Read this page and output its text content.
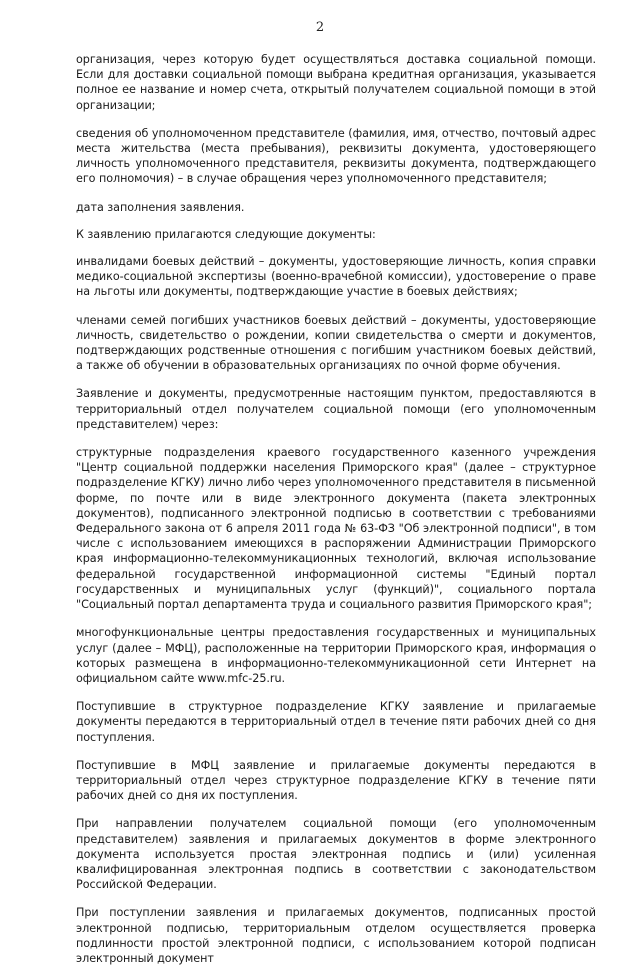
2

организация, через которую будет осуществляться доставка социальной помощи. Если для доставки социальной помощи выбрана кредитная организация, указывается полное ее название и номер счета, открытый получателем социальной помощи в этой организации;

сведения об уполномоченном представителе (фамилия, имя, отчество, почтовый адрес места жительства (места пребывания), реквизиты документа, удостоверяющего личность уполномоченного представителя, реквизиты документа, подтверждающего его полномочия) – в случае обращения через уполномоченного представителя;

дата заполнения заявления.

К заявлению прилагаются следующие документы:

инвалидами боевых действий – документы, удостоверяющие личность, копия справки медико-социальной экспертизы (военно-врачебной комиссии), удостоверение о праве на льготы или документы, подтверждающие участие в боевых действиях;

членами семей погибших участников боевых действий – документы, удостоверяющие личность, свидетельство о рождении, копии свидетельства о смерти и документов, подтверждающих родственные отношения с погибшим участником боевых действий, а также об обучении в образовательных организациях по очной форме обучения.

Заявление и документы, предусмотренные настоящим пунктом, предоставляются в территориальный отдел получателем социальной помощи (его уполномоченным представителем) через:

структурные подразделения краевого государственного казенного учреждения "Центр социальной поддержки населения Приморского края" (далее – структурное подразделение КГКУ) лично либо через уполномоченного представителя в письменной форме, по почте или в виде электронного документа (пакета электронных документов), подписанного электронной подписью в соответствии с требованиями Федерального закона от 6 апреля 2011 года № 63-ФЗ "Об электронной подписи", в том числе с использованием имеющихся в распоряжении Администрации Приморского края информационно-телекоммуникационных технологий, включая использование федеральной государственной информационной системы "Единый портал государственных и муниципальных услуг (функций)", социального портала "Социальный портал департамента труда и социального развития Приморского края";

многофункциональные центры предоставления государственных и муниципальных услуг (далее – МФЦ), расположенные на территории Приморского края, информация о которых размещена в информационно-телекоммуникационной сети Интернет на официальном сайте www.mfc-25.ru.

Поступившие в структурное подразделение КГКУ заявление и прилагаемые документы передаются в территориальный отдел в течение пяти рабочих дней со дня поступления.

Поступившие в МФЦ заявление и прилагаемые документы передаются в территориальный отдел через структурное подразделение КГКУ в течение пяти рабочих дней со дня их поступления.

При направлении получателем социальной помощи (его уполномоченным представителем) заявления и прилагаемых документов в форме электронного документа используется простая электронная подпись и (или) усиленная квалифицированная электронная подпись в соответствии с законодательством Российской Федерации.

При поступлении заявления и прилагаемых документов, подписанных простой электронной подписью, территориальным отделом осуществляется проверка подлинности простой электронной подписи, с использованием которой подписан электронный документ
